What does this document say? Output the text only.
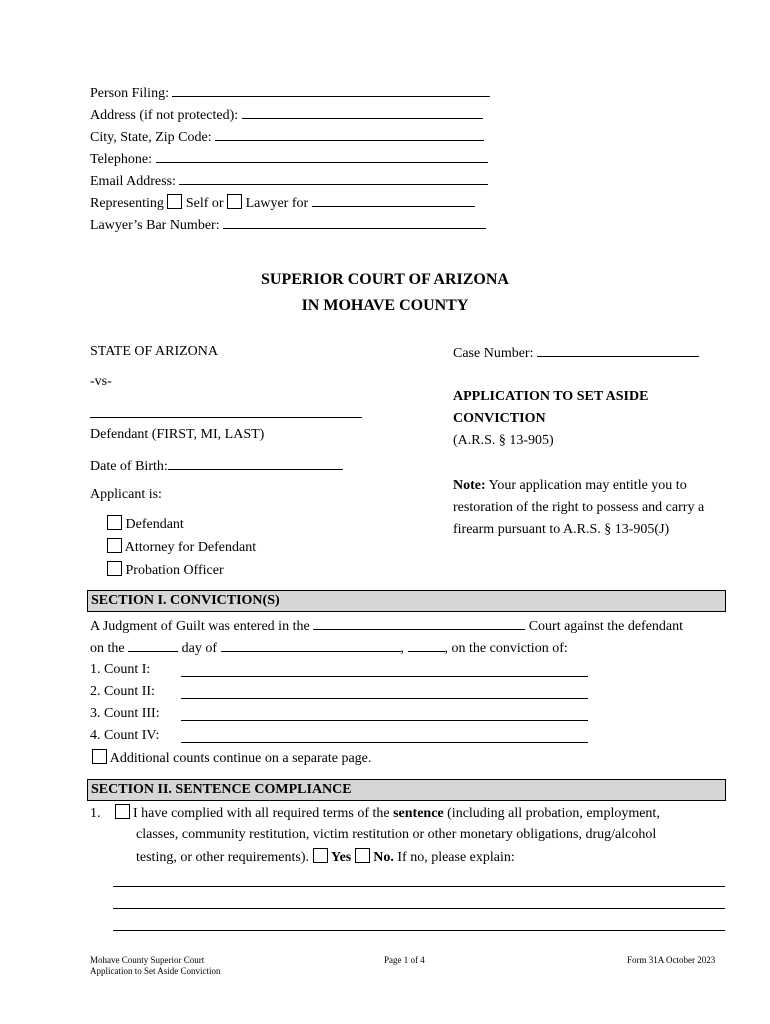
Person Filing:
Address (if not protected):
City, State, Zip Code:
Telephone:
Email Address:
Representing Self or Lawyer for
Lawyer’s Bar Number:
SUPERIOR COURT OF ARIZONA
IN MOHAVE COUNTY
STATE OF ARIZONA
-vs-
Defendant (FIRST, MI, LAST)
Date of Birth:
Applicant is:
Defendant
Attorney for Defendant
Probation Officer
Case Number:
APPLICATION TO SET ASIDE
CONVICTION
(A.R.S. § 13-905)
Note: Your application may entitle you to
restoration of the right to possess and carry a
firearm pursuant to A.R.S. § 13-905(J)
SECTION I. CONVICTION(S)
A Judgment of Guilt was entered in the	Court against the defendant
on the	day of	,	, on the conviction of:
1. Count I:
2. Count II:
3. Count III:
4. Count IV:
Additional counts continue on a separate page.
SECTION II. SENTENCE COMPLIANCE
1. I have complied with all required terms of the sentence (including all probation, employment,
classes, community restitution, victim restitution or other monetary obligations, drug/alcohol
testing, or other requirements). Yes No. If no, please explain:
Mohave County Superior Court
Application to Set Aside Conviction
Page 1 of 4	Form 31A October 2023
